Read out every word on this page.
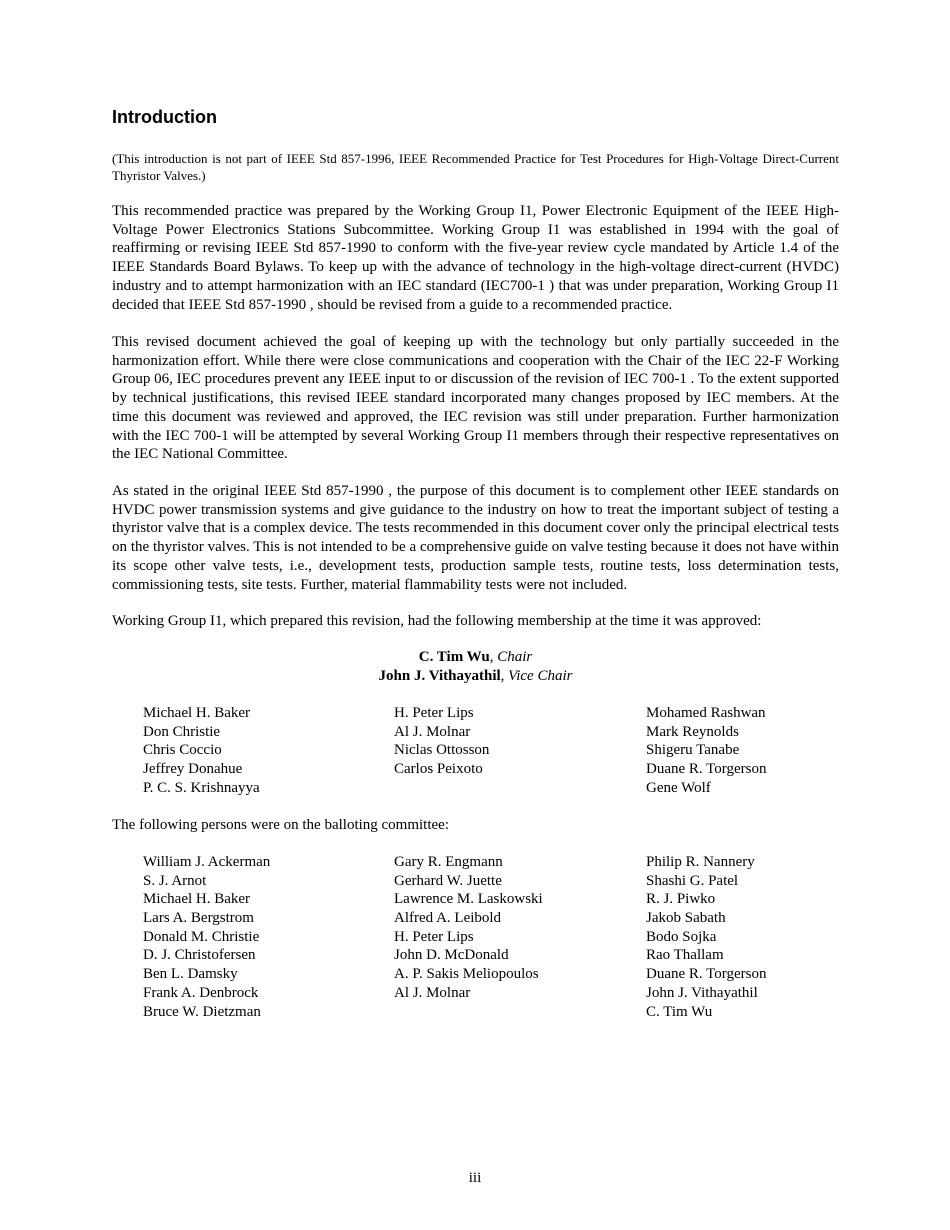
Introduction

(This introduction is not part of IEEE Std 857-1996, IEEE Recommended Practice for Test Procedures for High-Voltage Direct-Current Thyristor Valves.)

This recommended practice was prepared by the Working Group I1, Power Electronic Equipment of the IEEE High-Voltage Power Electronics Stations Subcommittee. Working Group I1 was established in 1994 with the goal of reaffirming or revising IEEE Std 857-1990 to conform with the five-year review cycle mandated by Article 1.4 of the IEEE Standards Board Bylaws. To keep up with the advance of technology in the high-voltage direct-current (HVDC) industry and to attempt harmonization with an IEC standard (IEC700-1 ) that was under preparation, Working Group I1 decided that IEEE Std 857-1990 , should be revised from a guide to a recommended practice.

This revised document achieved the goal of keeping up with the technology but only partially succeeded in the harmonization effort. While there were close communications and cooperation with the Chair of the IEC 22-F Working Group 06, IEC procedures prevent any IEEE input to or discussion of the revision of IEC 700-1 . To the extent supported by technical justifications, this revised IEEE standard incorporated many changes proposed by IEC members. At the time this document was reviewed and approved, the IEC revision was still under preparation. Further harmonization with the IEC 700-1 will be attempted by several Working Group I1 members through their respective representatives on the IEC National Committee.

As stated in the original IEEE Std 857-1990 , the purpose of this document is to complement other IEEE standards on HVDC power transmission systems and give guidance to the industry on how to treat the important subject of testing a thyristor valve that is a complex device. The tests recommended in this document cover only the principal electrical tests on the thyristor valves. This is not intended to be a comprehensive guide on valve testing because it does not have within its scope other valve tests, i.e., development tests, production sample tests, routine tests, loss determination tests, commissioning tests, site tests. Further, material flammability tests were not included.

Working Group I1, which prepared this revision, had the following membership at the time it was approved:

C. Tim Wu, Chair
John J. Vithayathil, Vice Chair
Michael H. Baker
Don Christie
Chris Coccio
Jeffrey Donahue
P. C. S. Krishnayya
H. Peter Lips
Al J. Molnar
Niclas Ottosson
Carlos Peixoto
Mohamed Rashwan
Mark Reynolds
Shigeru Tanabe
Duane R. Torgerson
Gene Wolf

The following persons were on the balloting committee:

William J. Ackerman
S. J. Arnot
Michael H. Baker
Lars A. Bergstrom
Donald M. Christie
D. J. Christofersen
Ben L. Damsky
Frank A. Denbrock
Bruce W. Dietzman
Gary R. Engmann
Gerhard W. Juette
Lawrence M. Laskowski
Alfred A. Leibold
H. Peter Lips
John D. McDonald
A. P. Sakis Meliopoulos
Al J. Molnar
Philip R. Nannery
Shashi G. Patel
R. J. Piwko
Jakob Sabath
Bodo Sojka
Rao Thallam
Duane R. Torgerson
John J. Vithayathil
C. Tim Wu
iii
